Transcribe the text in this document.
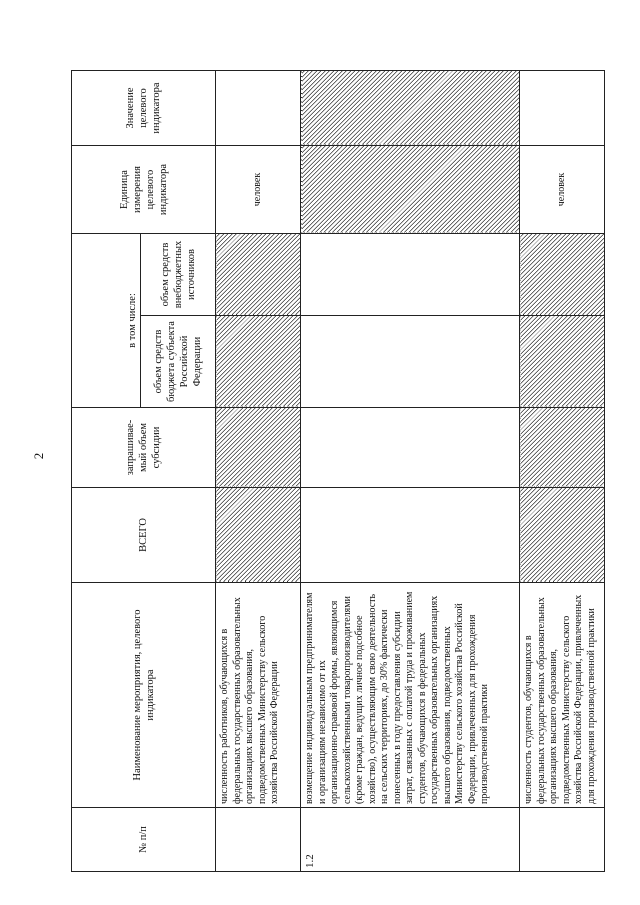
2
№ п/п	Наименование мероприятия, целевого индикатора	ВСЕГО	запрашивае-мый объем субсидии			Единица измерения целевого индикатора	Значение целевого индикатора
				в том числе:			
				объем средств бюджета субъекта Российской Федерации	объем средств внебюджетных источников		
	численность работников, обучающихся в федеральных государственных образовательных организациях высшего образования, подведомственных Министерству сельского хозяйства Российской Федерации					человек	
1.2	возмещение индивидуальным предпринимателям и организациям независимо от их организационно-правовой формы, являющимся сельскохозяйственными товаропроизводителями (кроме граждан, ведущих личное подсобное хозяйство), осуществляющим свою деятельность на сельских территориях, до 30% фактически понесенных в году предоставления субсидии затрат, связанных с оплатой труда и проживанием студентов, обучающихся в федеральных государственных образовательных организациях высшего образования, подведомственных Министерству сельского хозяйства Российской Федерации, привлеченных для прохождения производственной практики						
	численность студентов, обучающихся в федеральных государственных образовательных организациях высшего образования, подведомственных Министерству сельского хозяйства Российской Федерации, привлеченных для прохождения производственной практики					человек	
